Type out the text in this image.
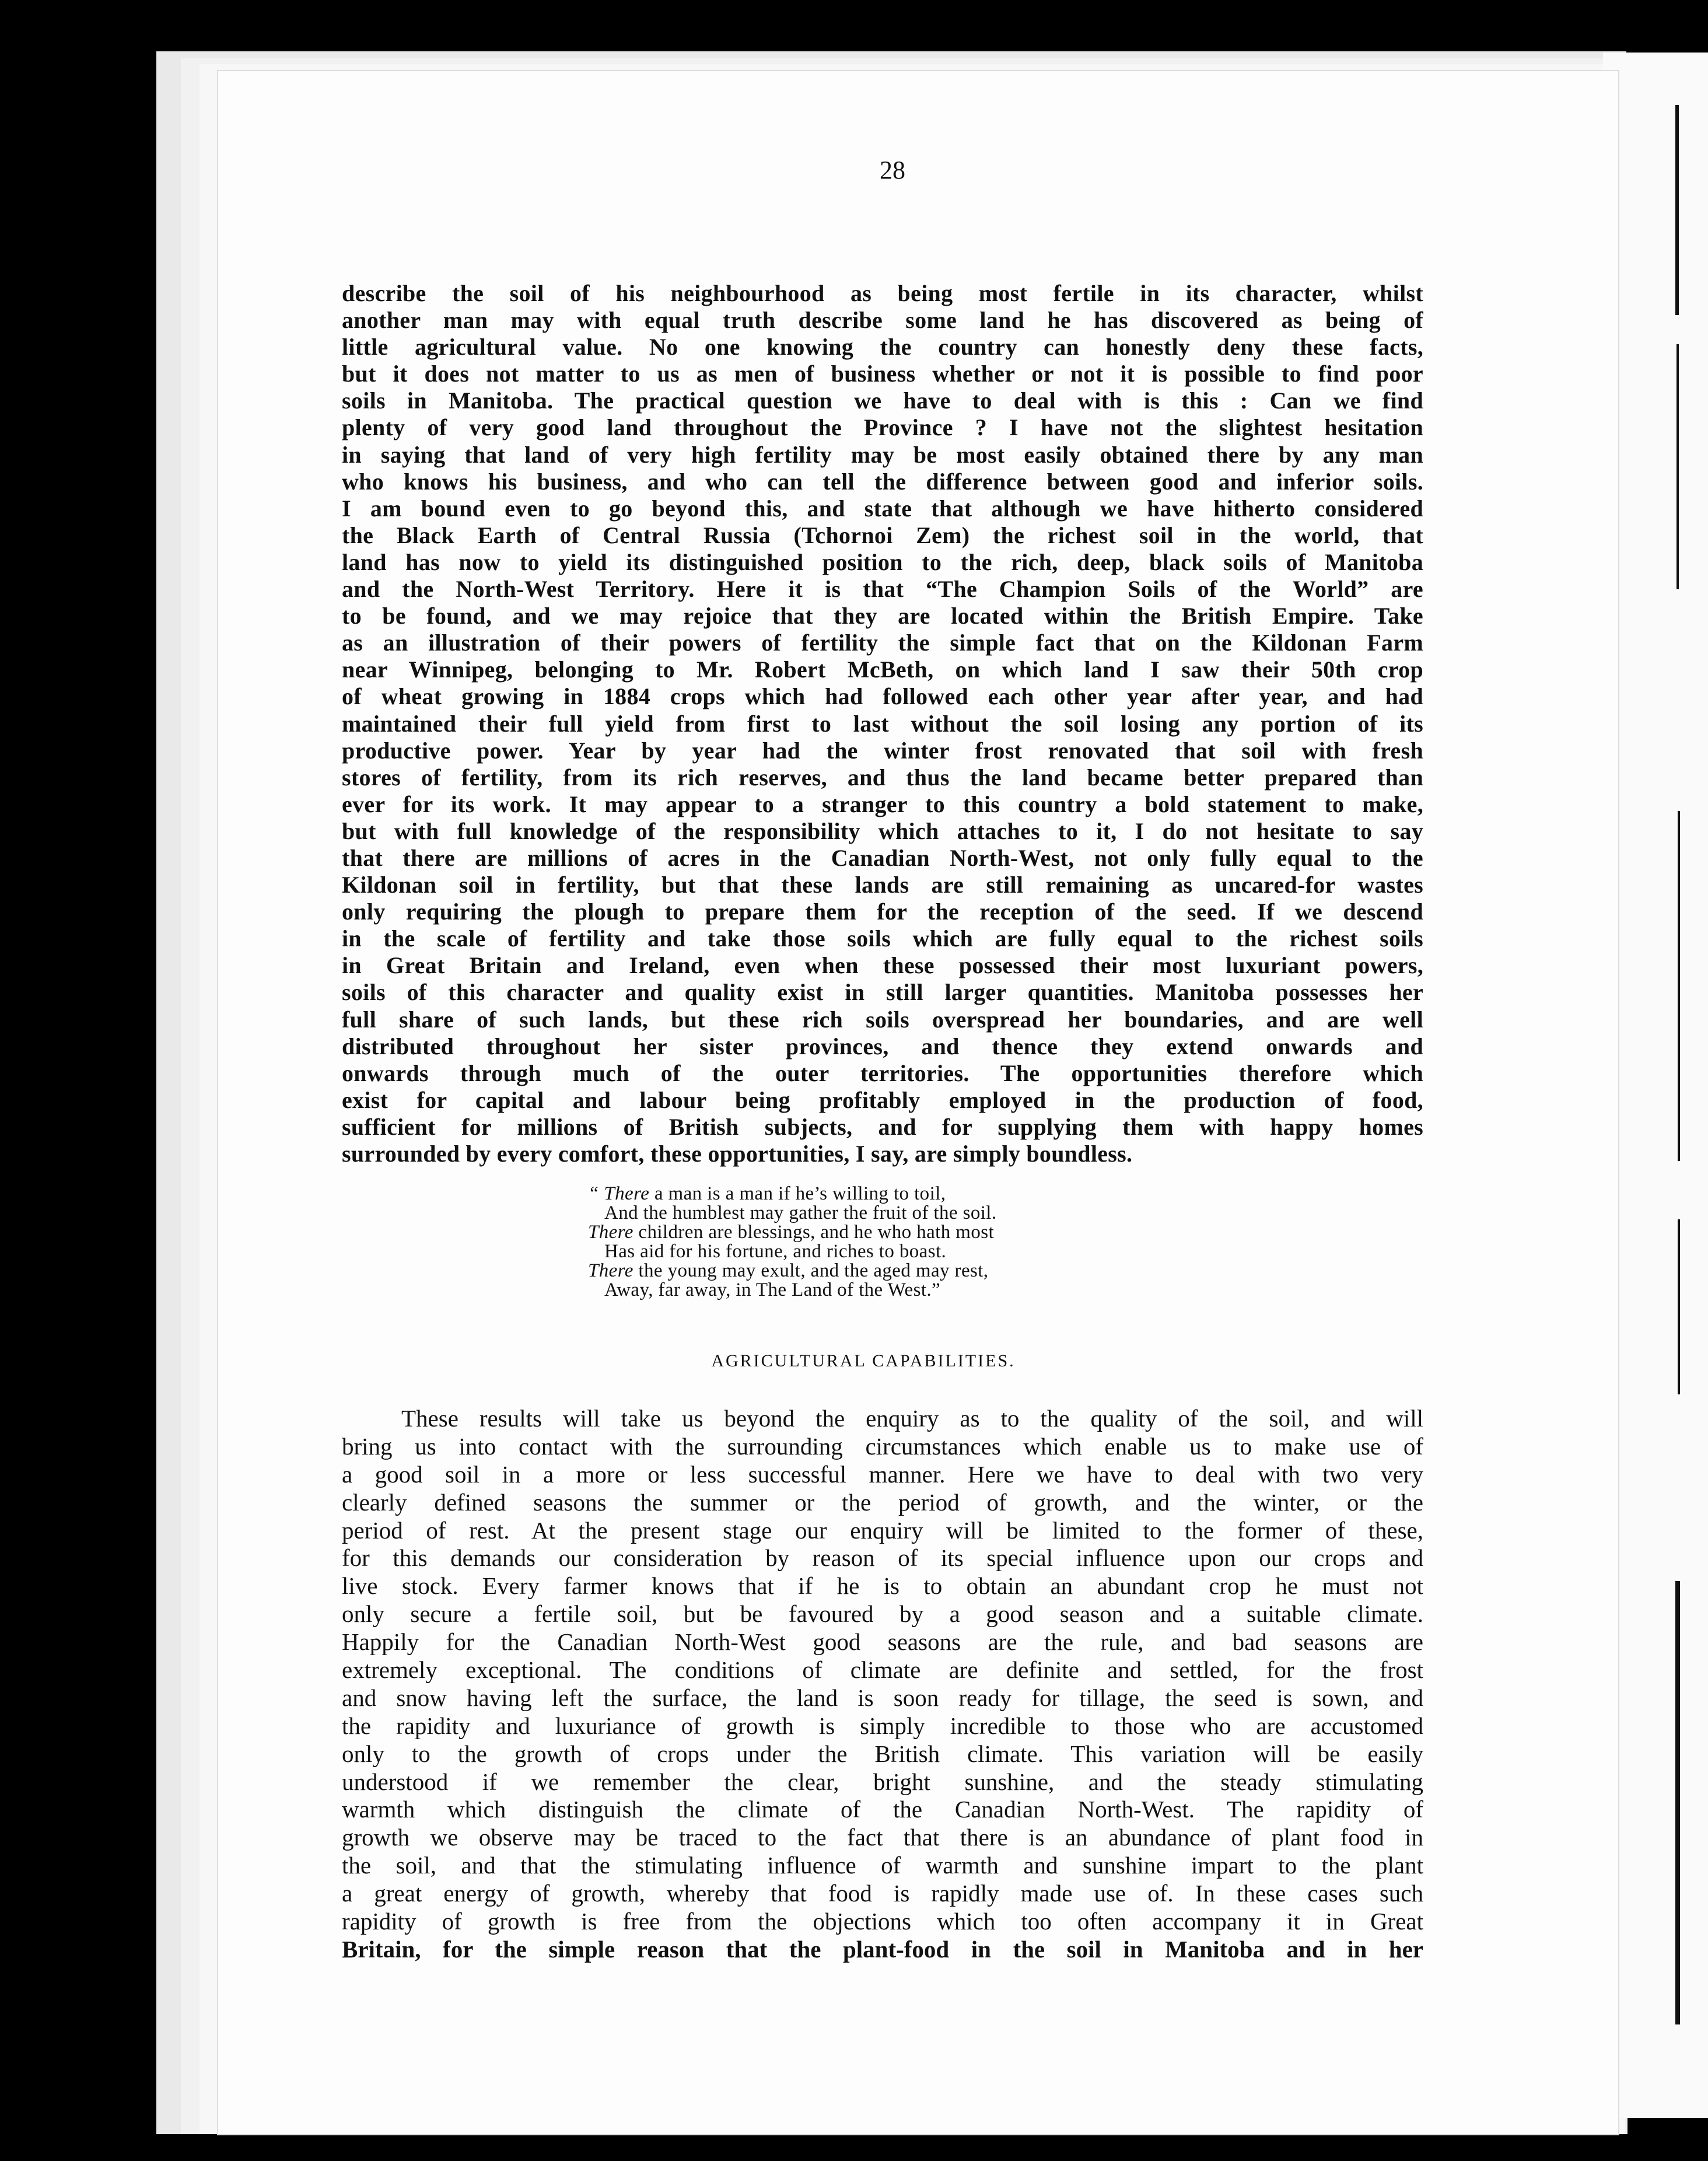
28
describe the soil of his neighbourhood as being most fertile in its character, whilst
another man may with equal truth describe some land he has discovered as being of
little agricultural value. No one knowing the country can honestly deny these facts,
but it does not matter to us as men of business whether or not it is possible to find poor
soils in Manitoba. The practical question we have to deal with is this : Can we find
plenty of very good land throughout the Province ? I have not the slightest hesitation
in saying that land of very high fertility may be most easily obtained there by any man
who knows his business, and who can tell the difference between good and inferior soils.
I am bound even to go beyond this, and state that although we have hitherto considered
the Black Earth of Central Russia (Tchornoi Zem) the richest soil in the world, that
land has now to yield its distinguished position to the rich, deep, black soils of Manitoba
and the North-West Territory. Here it is that “The Champion Soils of the World” are
to be found, and we may rejoice that they are located within the British Empire. Take
as an illustration of their powers of fertility the simple fact that on the Kildonan Farm
near Winnipeg, belonging to Mr. Robert McBeth, on which land I saw their 50th crop
of wheat growing in 1884 crops which had followed each other year after year, and had
maintained their full yield from first to last without the soil losing any portion of its
productive power. Year by year had the winter frost renovated that soil with fresh
stores of fertility, from its rich reserves, and thus the land became better prepared than
ever for its work. It may appear to a stranger to this country a bold statement to make,
but with full knowledge of the responsibility which attaches to it, I do not hesitate to say
that there are millions of acres in the Canadian North-West, not only fully equal to the
Kildonan soil in fertility, but that these lands are still remaining as uncared-for wastes
only requiring the plough to prepare them for the reception of the seed. If we descend
in the scale of fertility and take those soils which are fully equal to the richest soils
in Great Britain and Ireland, even when these possessed their most luxuriant powers,
soils of this character and quality exist in still larger quantities. Manitoba possesses her
full share of such lands, but these rich soils overspread her boundaries, and are well
distributed throughout her sister provinces, and thence they extend onwards and
onwards through much of the outer territories. The opportunities therefore which
exist for capital and labour being profitably employed in the production of food,
sufficient for millions of British subjects, and for supplying them with happy homes
surrounded by every comfort, these opportunities, I say, are simply boundless.
“ There a man is a man if he’s willing to toil,
And the humblest may gather the fruit of the soil.
There children are blessings, and he who hath most
Has aid for his fortune, and riches to boast.
There the young may exult, and the aged may rest,
Away, far away, in The Land of the West.”
AGRICULTURAL CAPABILITIES.
These results will take us beyond the enquiry as to the quality of the soil, and will
bring us into contact with the surrounding circumstances which enable us to make use of
a good soil in a more or less successful manner. Here we have to deal with two very
clearly defined seasons the summer or the period of growth, and the winter, or the
period of rest. At the present stage our enquiry will be limited to the former of these,
for this demands our consideration by reason of its special influence upon our crops and
live stock. Every farmer knows that if he is to obtain an abundant crop he must not
only secure a fertile soil, but be favoured by a good season and a suitable climate.
Happily for the Canadian North-West good seasons are the rule, and bad seasons are
extremely exceptional. The conditions of climate are definite and settled, for the frost
and snow having left the surface, the land is soon ready for tillage, the seed is sown, and
the rapidity and luxuriance of growth is simply incredible to those who are accustomed
only to the growth of crops under the British climate. This variation will be easily
understood if we remember the clear, bright sunshine, and the steady stimulating
warmth which distinguish the climate of the Canadian North-West. The rapidity of
growth we observe may be traced to the fact that there is an abundance of plant food in
the soil, and that the stimulating influence of warmth and sunshine impart to the plant
a great energy of growth, whereby that food is rapidly made use of. In these cases such
rapidity of growth is free from the objections which too often accompany it in Great
Britain, for the simple reason that the plant-food in the soil in Manitoba and in her
